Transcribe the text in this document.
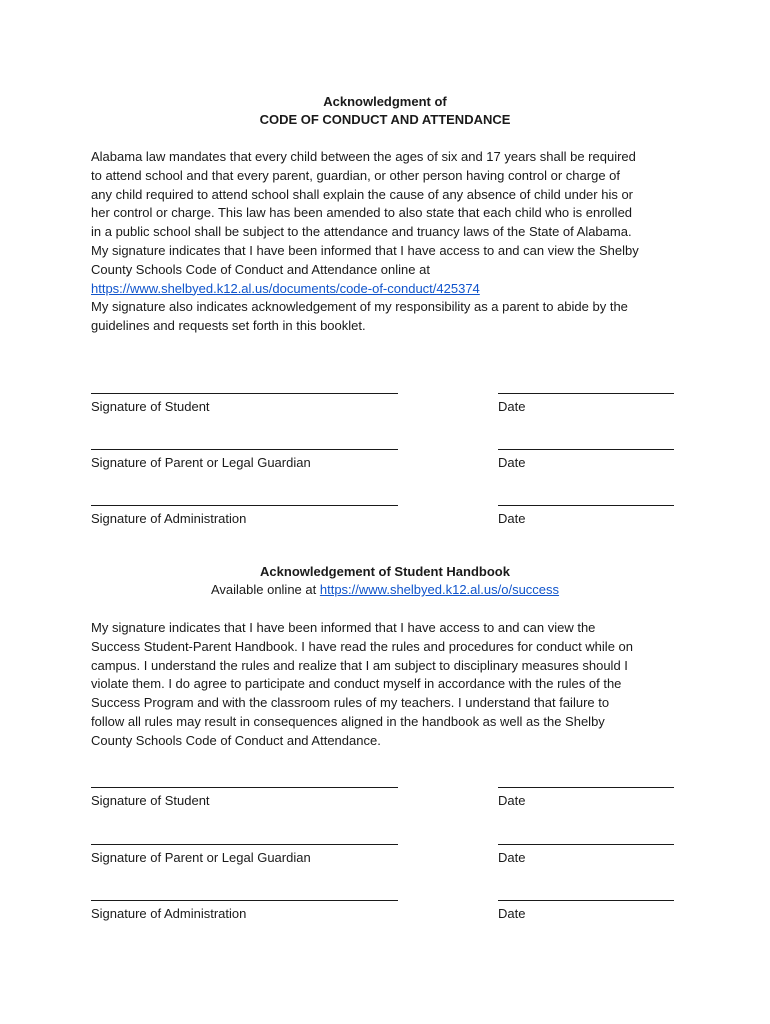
Acknowledgment of
CODE OF CONDUCT AND ATTENDANCE
Alabama law mandates that every child between the ages of six and 17 years shall be required
to attend school and that every parent, guardian, or other person having control or charge of
any child required to attend school shall explain the cause of any absence of child under his or
her control or charge. This law has been amended to also state that each child who is enrolled
in a public school shall be subject to the attendance and truancy laws of the State of Alabama.
My signature indicates that I have been informed that I have access to and can view the Shelby
County Schools Code of Conduct and Attendance online at
https://www.shelbyed.k12.al.us/documents/code-of-conduct/425374
My signature also indicates acknowledgement of my responsibility as a parent to abide by the
guidelines and requests set forth in this booklet.
Signature of Student	Date
Signature of Parent or Legal Guardian	Date
Signature of Administration	Date
Acknowledgement of Student Handbook
Available online at https://www.shelbyed.k12.al.us/o/success
My signature indicates that I have been informed that I have access to and can view the
Success Student-Parent Handbook. I have read the rules and procedures for conduct while on
campus. I understand the rules and realize that I am subject to disciplinary measures should I
violate them. I do agree to participate and conduct myself in accordance with the rules of the
Success Program and with the classroom rules of my teachers. I understand that failure to
follow all rules may result in consequences aligned in the handbook as well as the Shelby
County Schools Code of Conduct and Attendance.
Signature of Student	Date
Signature of Parent or Legal Guardian	Date
Signature of Administration	Date
